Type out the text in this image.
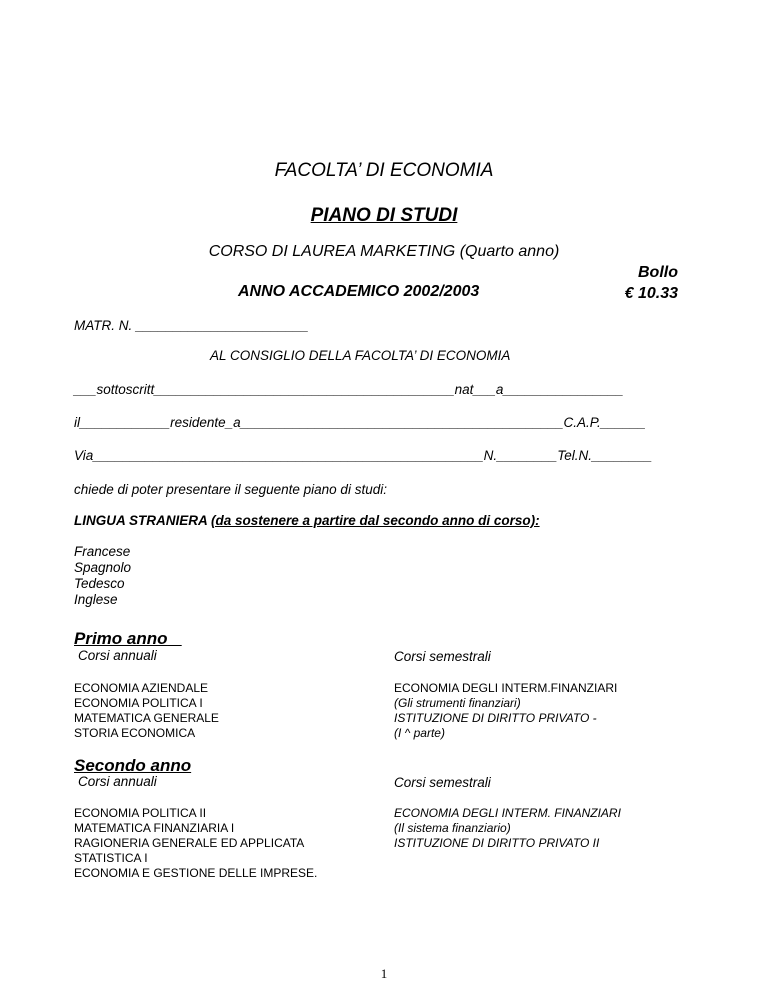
FACOLTA’ DI ECONOMIA
PIANO DI STUDI
CORSO DI LAUREA MARKETING (Quarto anno)
ANNO ACCADEMICO 2002/2003
Bollo
€ 10.33
MATR. N. _______________________
AL CONSIGLIO DELLA FACOLTA’ DI ECONOMIA
___sottoscritt________________________________________nat___a________________
il____________residente_a___________________________________________C.A.P.______
Via____________________________________________________N.________Tel.N.________
chiede di poter presentare il seguente piano di studi:
LINGUA STRANIERA (da sostenere a partire dal secondo anno di corso):
Francese
Spagnolo
Tedesco
Inglese
Primo anno
Corsi annuali	Corsi semestrali
ECONOMIA AZIENDALE
ECONOMIA POLITICA I
MATEMATICA GENERALE
STORIA ECONOMICA
ECONOMIA DEGLI INTERM.FINANZIARI
(Gli strumenti finanziari)
ISTITUZIONE DI DIRITTO PRIVATO -
(I ^ parte)
Secondo anno
Corsi annuali	Corsi semestrali
ECONOMIA POLITICA II
MATEMATICA FINANZIARIA I
RAGIONERIA GENERALE ED APPLICATA
STATISTICA I
ECONOMIA E GESTIONE DELLE IMPRESE.
ECONOMIA DEGLI INTERM. FINANZIARI
(Il sistema finanziario)
ISTITUZIONE DI DIRITTO PRIVATO II
1
